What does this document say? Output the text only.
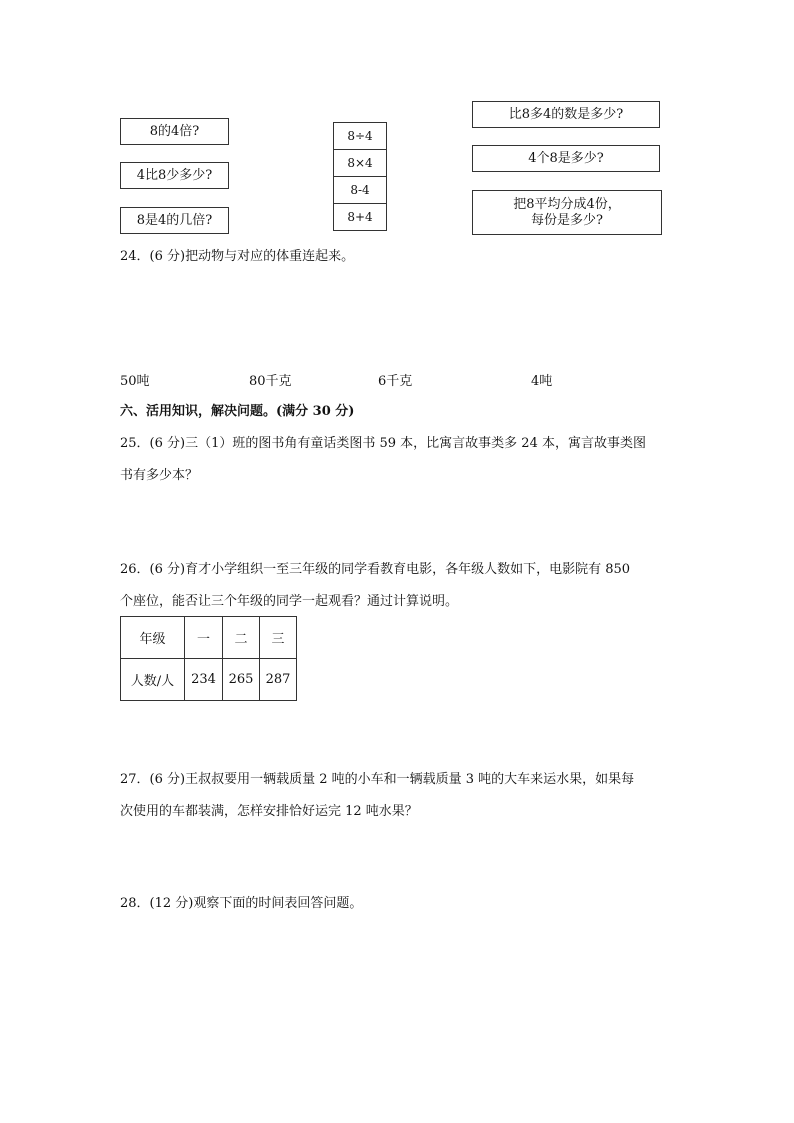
8的4倍?
4比8少多少?
8是4的几倍?
8÷4
8×4
8-4
8+4
比8多4的数是多少?
4个8是多少?
把8平均分成4份，
每份是多少?
24．(6 分)把动物与对应的体重连起来。
50吨	80千克	6千克	4吨
六、活用知识，解决问题。(满分 30 分)
25．(6 分)三（1）班的图书角有童话类图书 59 本，比寓言故事类多 24 本，寓言故事类图
书有多少本？
26．(6 分)育才小学组织一至三年级的同学看教育电影，各年级人数如下，电影院有 850
个座位，能否让三个年级的同学一起观看？通过计算说明。
年级	一	二	三
人数/人	234	265	287
27．(6 分)王叔叔要用一辆载质量 2 吨的小车和一辆载质量 3 吨的大车来运水果，如果每
次使用的车都装满，怎样安排恰好运完 12 吨水果？
28．(12 分)观察下面的时间表回答问题。
